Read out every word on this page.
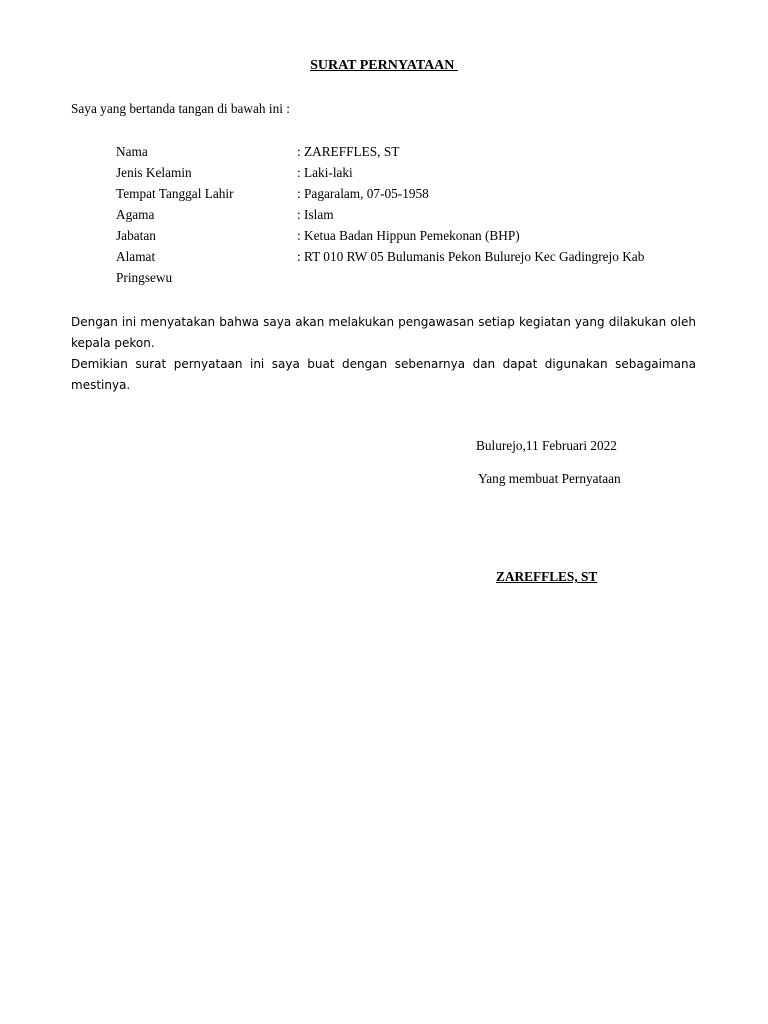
SURAT PERNYATAAN
Saya yang bertanda tangan di bawah ini :
Nama	: ZAREFFLES, ST
Jenis Kelamin	: Laki-laki
Tempat Tanggal Lahir	: Pagaralam, 07-05-1958
Agama	: Islam
Jabatan	: Ketua Badan Hippun Pemekonan (BHP)
Alamat	: RT 010 RW 05 Bulumanis Pekon Bulurejo Kec Gadingrejo Kab
Pringsewu
Dengan ini menyatakan bahwa saya akan melakukan pengawasan setiap kegiatan yang dilakukan oleh kepala pekon.
Demikian surat pernyataan ini saya buat dengan sebenarnya dan dapat digunakan sebagaimana mestinya.
Bulurejo,11 Februari 2022
Yang membuat Pernyataan
ZAREFFLES, ST
